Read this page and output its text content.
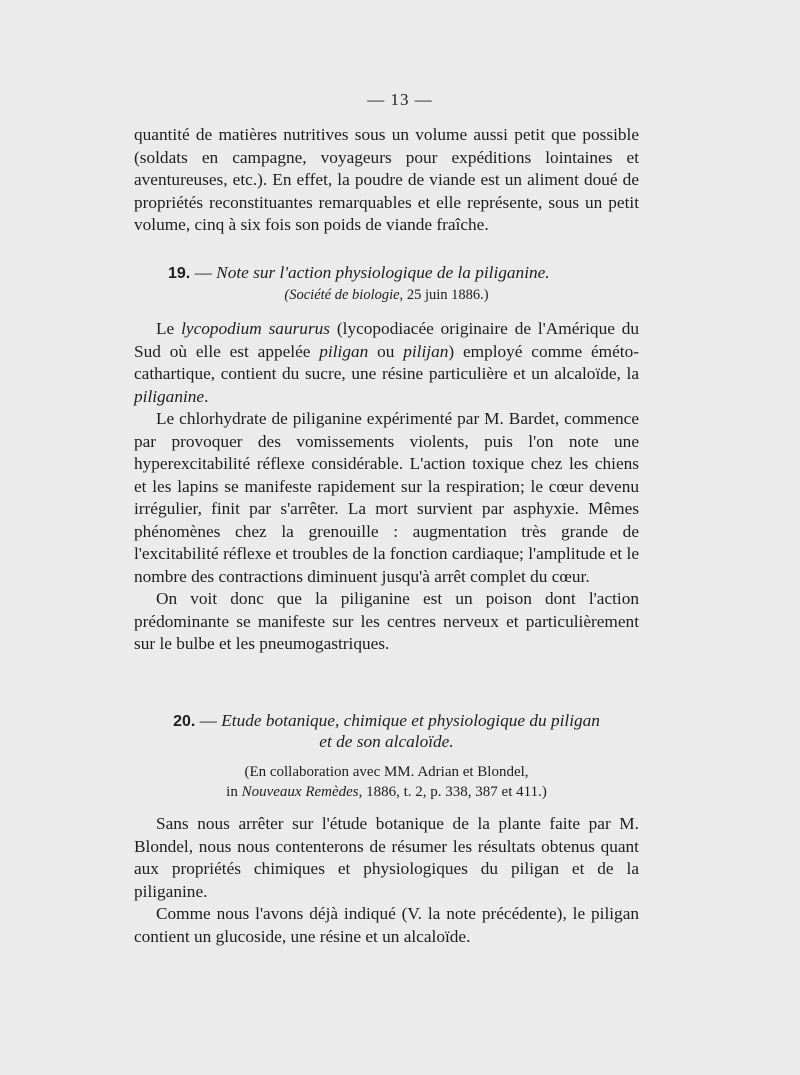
— 13 —

quantité de matières nutritives sous un volume aussi petit que possible (soldats en campagne, voyageurs pour expéditions lointaines et aventureuses, etc.). En effet, la poudre de viande est un aliment doué de propriétés reconstituantes remarquables et elle représente, sous un petit volume, cinq à six fois son poids de viande fraîche.

19. — Note sur l'action physiologique de la piliganine.
(Société de biologie, 25 juin 1886.)

Le lycopodium saururus (lycopodiacée originaire de l'Amérique du Sud où elle est appelée piligan ou pilijan) employé comme éméto-cathartique, contient du sucre, une résine particulière et un alcaloïde, la piliganine.

Le chlorhydrate de piliganine expérimenté par M. Bardet, commence par provoquer des vomissements violents, puis l'on note une hyperexcitabilité réflexe considérable. L'action toxique chez les chiens et les lapins se manifeste rapidement sur la respiration; le cœur devenu irrégulier, finit par s'arrêter. La mort survient par asphyxie. Mêmes phénomènes chez la grenouille : augmentation très grande de l'excitabilité réflexe et troubles de la fonction cardiaque; l'amplitude et le nombre des contractions diminuent jusqu'à arrêt complet du cœur.

On voit donc que la piliganine est un poison dont l'action prédominante se manifeste sur les centres nerveux et particulièrement sur le bulbe et les pneumogastriques.

20. — Etude botanique, chimique et physiologique du piligan
et de son alcaloïde.
(En collaboration avec MM. Adrian et Blondel,
in Nouveaux Remèdes, 1886, t. 2, p. 338, 387 et 411.)

Sans nous arrêter sur l'étude botanique de la plante faite par M. Blondel, nous nous contenterons de résumer les résultats obtenus quant aux propriétés chimiques et physiologiques du piligan et de la piliganine.

Comme nous l'avons déjà indiqué (V. la note précédente), le piligan contient un glucoside, une résine et un alcaloïde.
